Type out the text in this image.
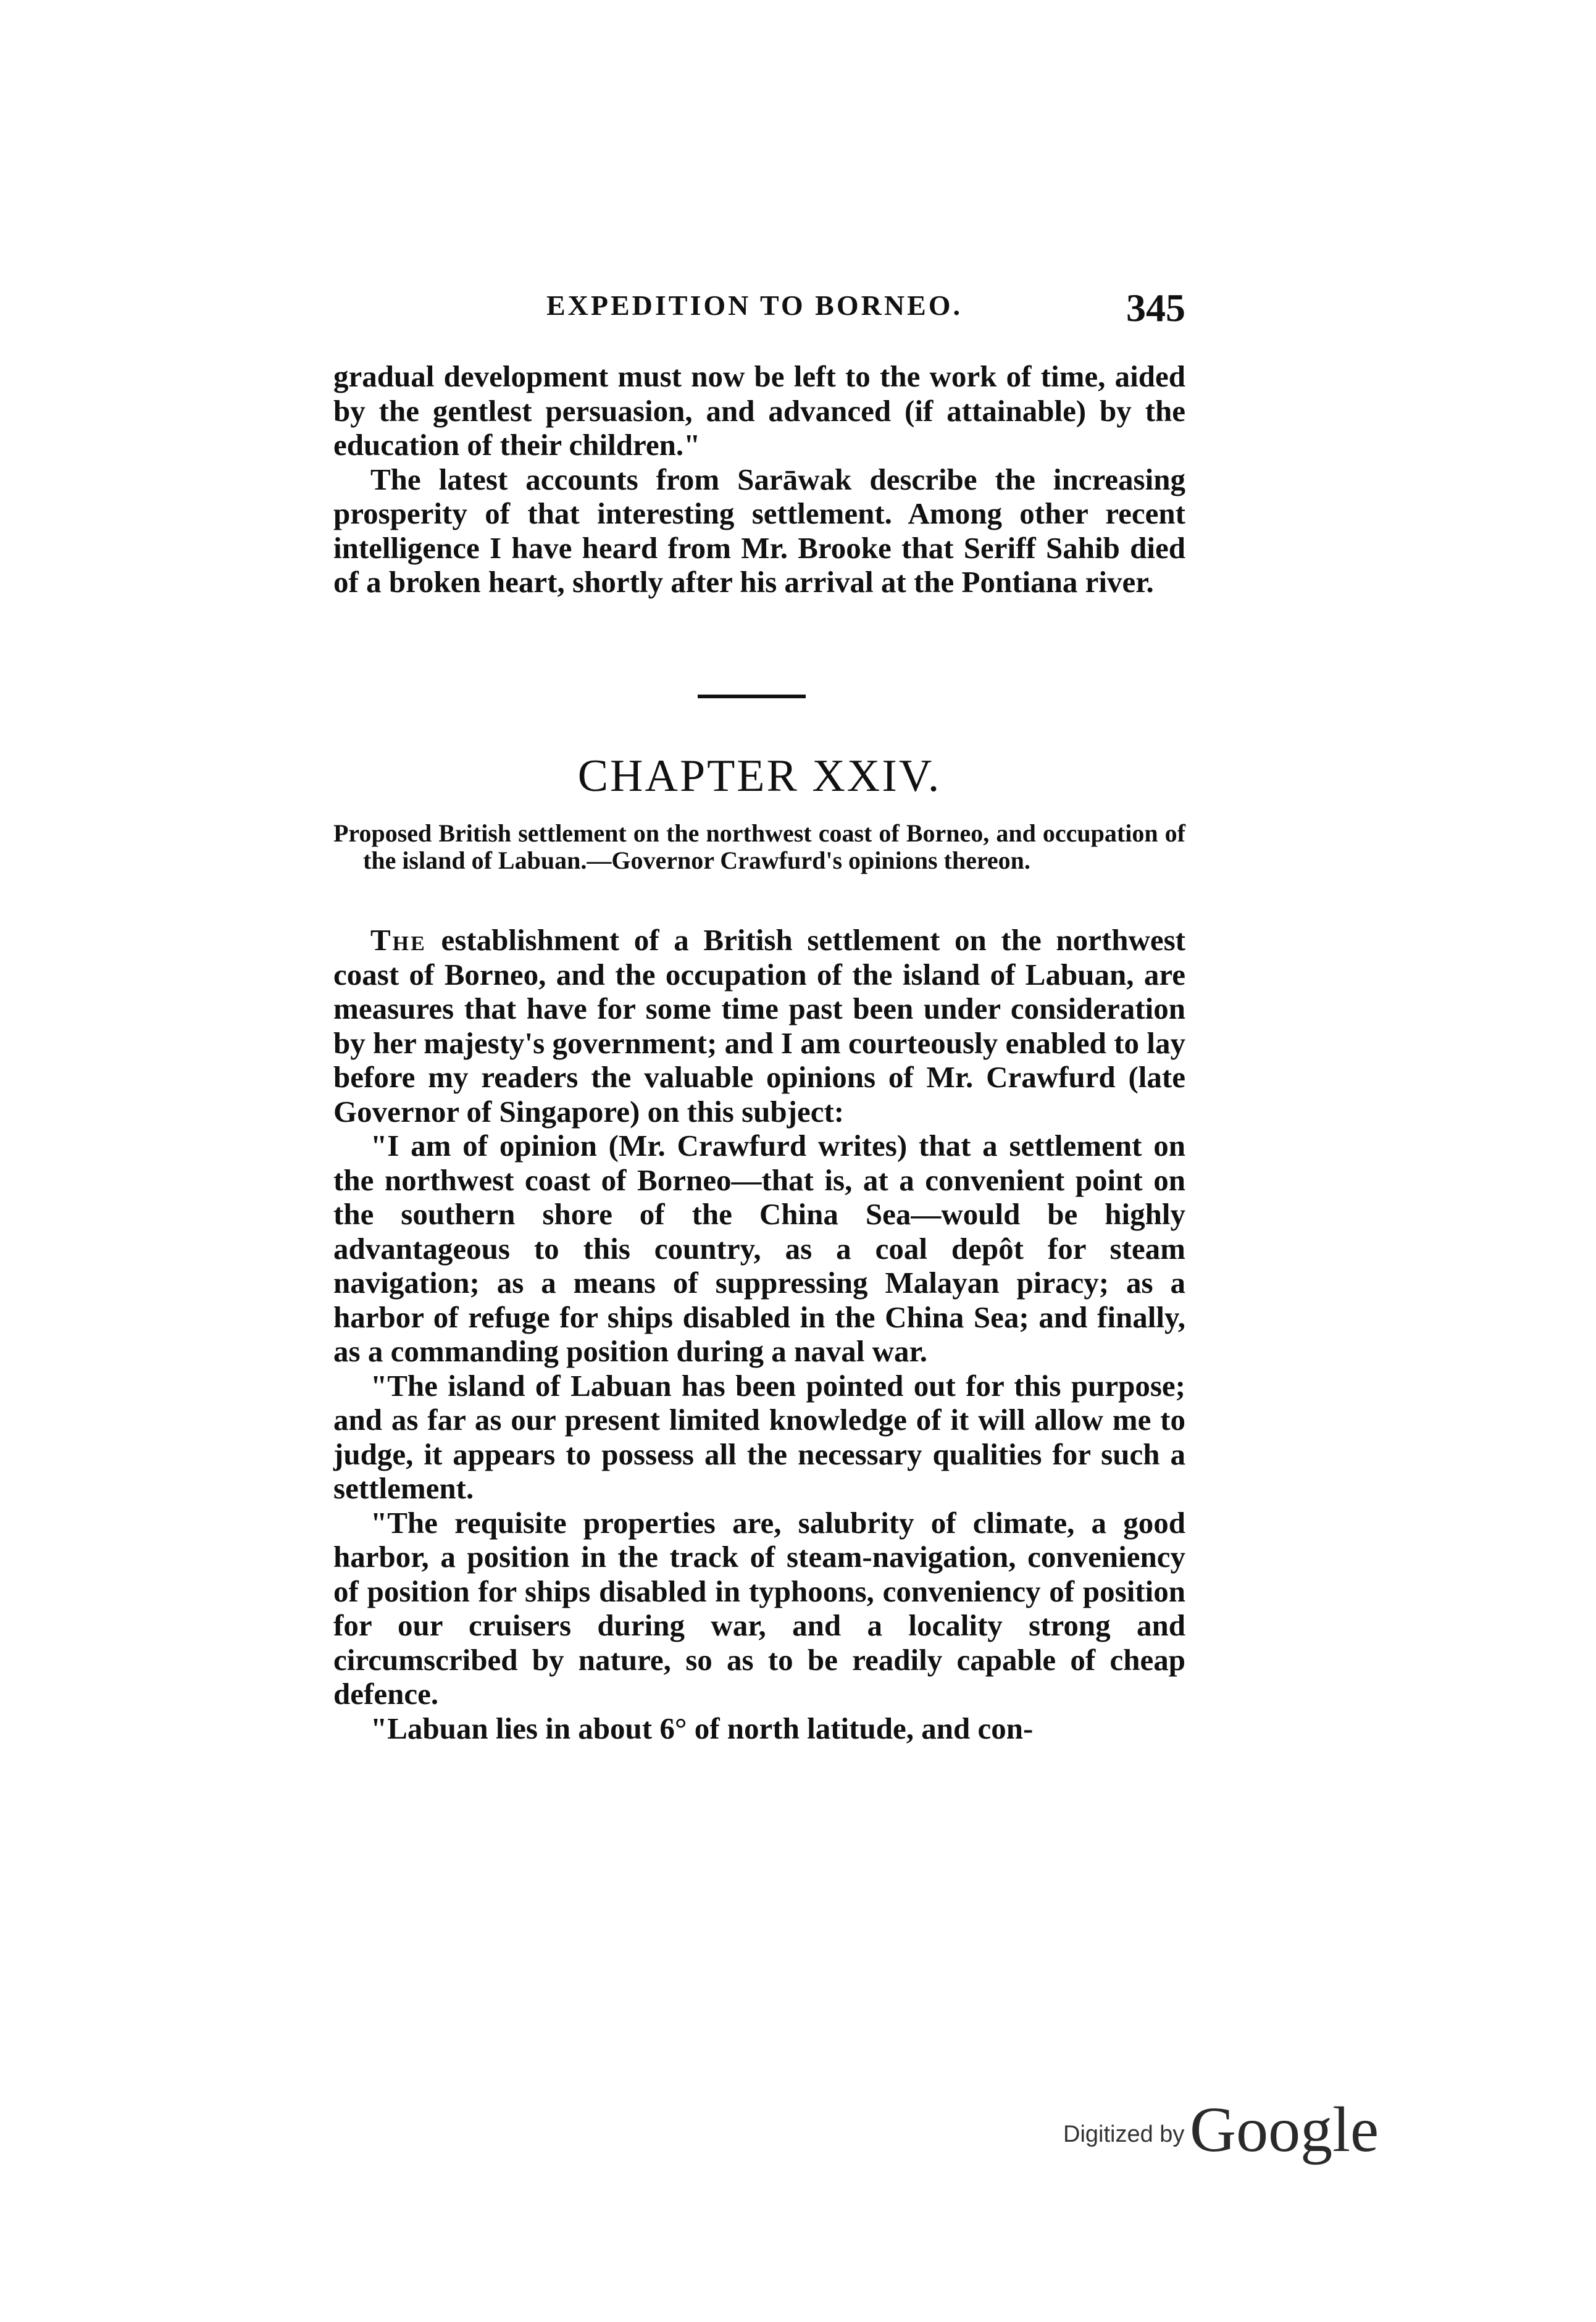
EXPEDITION TO BORNEO.	345

gradual development must now be left to the work of time, aided by the gentlest persuasion, and advanced (if attainable) by the education of their children."

The latest accounts from Sarāwak describe the increasing prosperity of that interesting settlement. Among other recent intelligence I have heard from Mr. Brooke that Seriff Sahib died of a broken heart, shortly after his arrival at the Pontiana river.

CHAPTER XXIV.
Proposed British settlement on the northwest coast of Borneo, and occupation of the island of Labuan.—Governor Crawfurd's opinions thereon.

The establishment of a British settlement on the northwest coast of Borneo, and the occupation of the island of Labuan, are measures that have for some time past been under consideration by her majesty's government; and I am courteously enabled to lay before my readers the valuable opinions of Mr. Crawfurd (late Governor of Singapore) on this subject:

"I am of opinion (Mr. Crawfurd writes) that a settlement on the northwest coast of Borneo—that is, at a convenient point on the southern shore of the China Sea—would be highly advantageous to this country, as a coal depôt for steam navigation; as a means of suppressing Malayan piracy; as a harbor of refuge for ships disabled in the China Sea; and finally, as a commanding position during a naval war.

"The island of Labuan has been pointed out for this purpose; and as far as our present limited knowledge of it will allow me to judge, it appears to possess all the necessary qualities for such a settlement.

"The requisite properties are, salubrity of climate, a good harbor, a position in the track of steam-navigation, conveniency of position for ships disabled in typhoons, conveniency of position for our cruisers during war, and a locality strong and circumscribed by nature, so as to be readily capable of cheap defence.

"Labuan lies in about 6° of north latitude, and con-

Digitized by Google
